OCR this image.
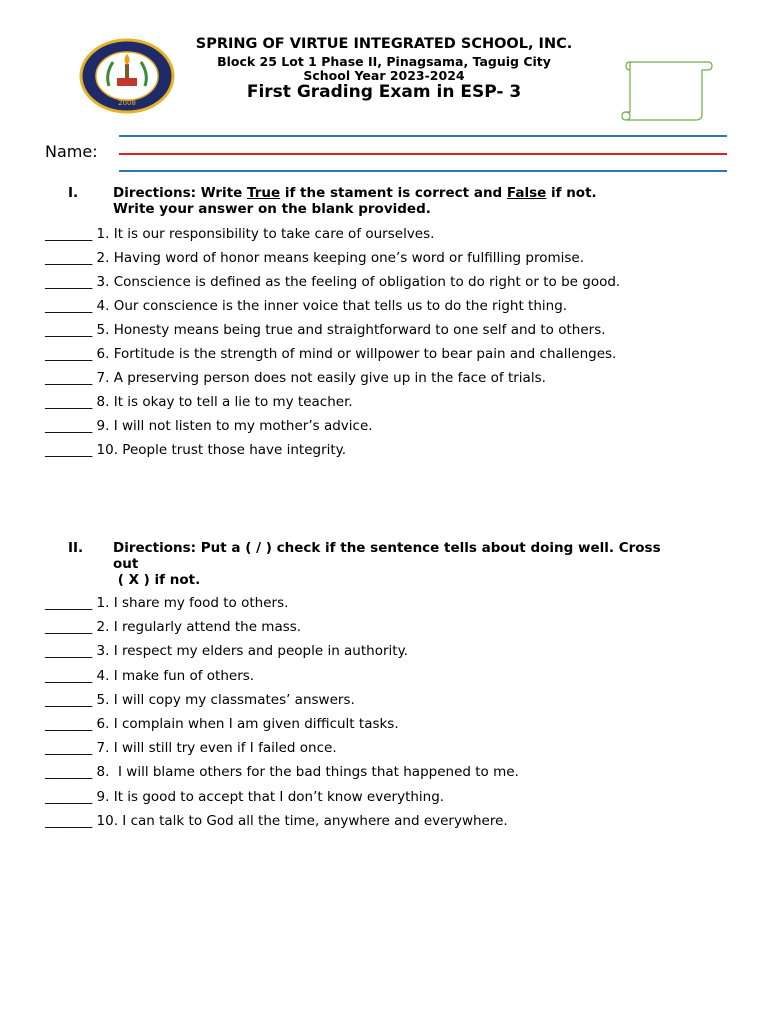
2008
SPRING OF VIRTUE INTEGRATED SCHOOL, INC.
Block 25 Lot 1 Phase II, Pinagsama, Taguig City
School Year 2023-2024
First Grading Exam in ESP- 3
Name:
I.	Directions: Write True if the stament is correct and False if not.
Write your answer on the blank provided.
_______ 1. It is our responsibility to take care of ourselves.
_______ 2. Having word of honor means keeping one’s word or fulfilling promise.
_______ 3. Conscience is defined as the feeling of obligation to do right or to be good.
_______ 4. Our conscience is the inner voice that tells us to do the right thing.
_______ 5. Honesty means being true and straightforward to one self and to others.
_______ 6. Fortitude is the strength of mind or willpower to bear pain and challenges.
_______ 7. A preserving person does not easily give up in the face of trials.
_______ 8. It is okay to tell a lie to my teacher.
_______ 9. I will not listen to my mother’s advice.
_______ 10. People trust those have integrity.
II. Directions: Put a ( / ) check if the sentence tells about doing well. Cross out
( X ) if not.
_______ 1. I share my food to others.
_______ 2. I regularly attend the mass.
_______ 3. I respect my elders and people in authority.
_______ 4. I make fun of others.
_______ 5. I will copy my classmates’ answers.
_______ 6. I complain when I am given difficult tasks.
_______ 7. I will still try even if I failed once.
_______ 8.  I will blame others for the bad things that happened to me.
_______ 9. It is good to accept that I don’t know everything.
_______ 10. I can talk to God all the time, anywhere and everywhere.
